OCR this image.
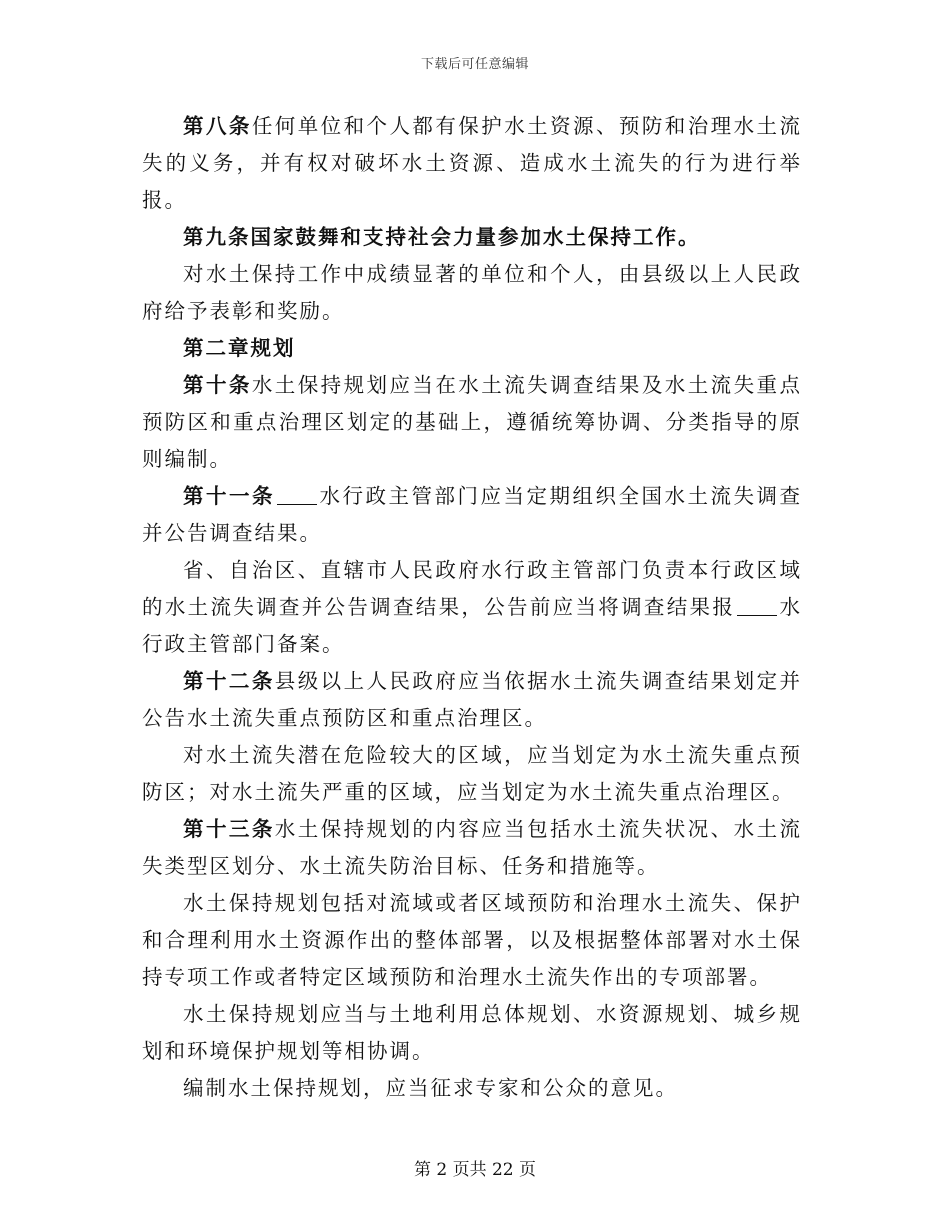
下载后可任意编辑

第八条任何单位和个人都有保护水土资源、预防和治理水土流失的义务，并有权对破坏水土资源、造成水土流失的行为进行举报。

第九条国家鼓舞和支持社会力量参加水土保持工作。

对水土保持工作中成绩显著的单位和个人，由县级以上人民政府给予表彰和奖励。

第二章规划

第十条水土保持规划应当在水土流失调查结果及水土流失重点预防区和重点治理区划定的基础上，遵循统筹协调、分类指导的原则编制。

第十一条 水行政主管部门应当定期组织全国水土流失调查并公告调查结果。

省、自治区、直辖市人民政府水行政主管部门负责本行政区域的水土流失调查并公告调查结果，公告前应当将调查结果报 水行政主管部门备案。

第十二条县级以上人民政府应当依据水土流失调查结果划定并公告水土流失重点预防区和重点治理区。

对水土流失潜在危险较大的区域，应当划定为水土流失重点预防区；对水土流失严重的区域，应当划定为水土流失重点治理区。

第十三条水土保持规划的内容应当包括水土流失状况、水土流失类型区划分、水土流失防治目标、任务和措施等。

水土保持规划包括对流域或者区域预防和治理水土流失、保护和合理利用水土资源作出的整体部署，以及根据整体部署对水土保持专项工作或者特定区域预防和治理水土流失作出的专项部署。

水土保持规划应当与土地利用总体规划、水资源规划、城乡规划和环境保护规划等相协调。

编制水土保持规划，应当征求专家和公众的意见。

第 2 页共 22 页
